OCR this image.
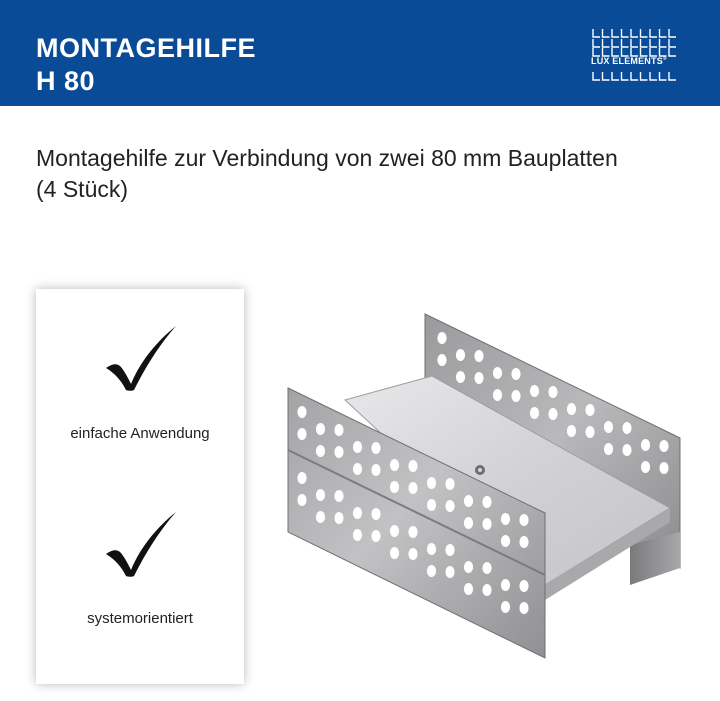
MONTAGEHILFE
H 80
LUX ELEMENTS®
Montagehilfe zur Verbindung von zwei 80 mm Bauplatten
(4 Stück)
einfache Anwendung
systemorientiert
